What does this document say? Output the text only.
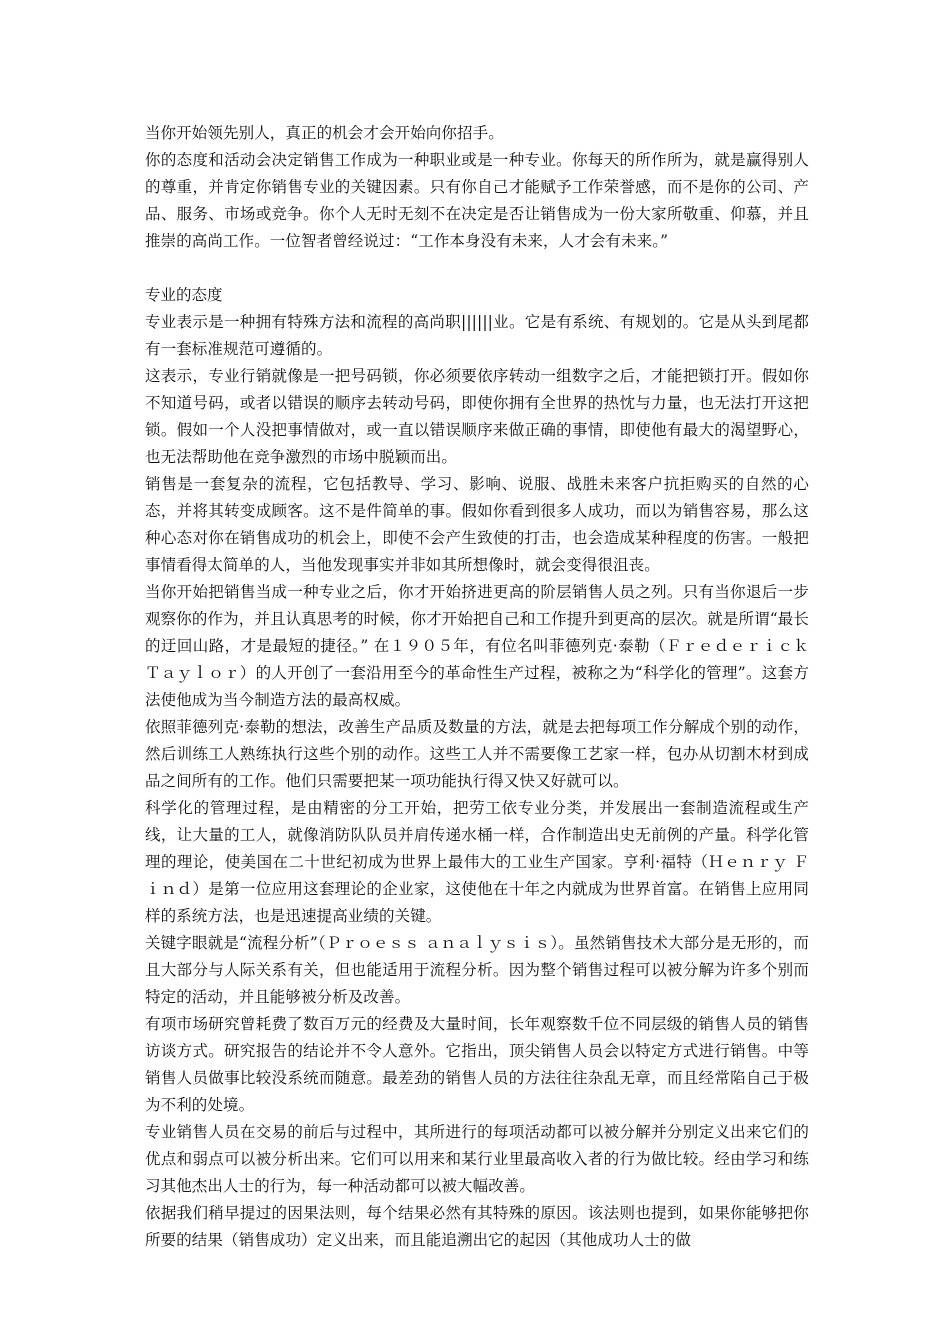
当你开始领先别人，真正的机会才会开始向你招手。

你的态度和活动会决定销售工作成为一种职业或是一种专业。你每天的所作所为，就是赢得别人的尊重，并肯定你销售专业的关键因素。只有你自己才能赋予工作荣誉感，而不是你的公司、产品、服务、市场或竞争。你个人无时无刻不在决定是否让销售成为一份大家所敬重、仰慕，并且推崇的高尚工作。一位智者曾经说过：“工作本身没有未来，人才会有未来。”

专业的态度

专业表示是一种拥有特殊方法和流程的高尚职||||||业。它是有系统、有规划的。它是从头到尾都有一套标准规范可遵循的。

这表示，专业行销就像是一把号码锁，你必须要依序转动一组数字之后，才能把锁打开。假如你不知道号码，或者以错误的顺序去转动号码，即使你拥有全世界的热忱与力量，也无法打开这把锁。假如一个人没把事情做对，或一直以错误顺序来做正确的事情，即使他有最大的渴望野心，也无法帮助他在竞争激烈的市场中脱颖而出。

销售是一套复杂的流程，它包括教导、学习、影响、说服、战胜未来客户抗拒购买的自然的心态，并将其转变成顾客。这不是件简单的事。假如你看到很多人成功，而以为销售容易，那么这种心态对你在销售成功的机会上，即使不会产生致使的打击，也会造成某种程度的伤害。一般把事情看得太简单的人，当他发现事实并非如其所想像时，就会变得很沮丧。

当你开始把销售当成一种专业之后，你才开始挤进更高的阶层销售人员之列。只有当你退后一步观察你的作为，并且认真思考的时候，你才开始把自己和工作提升到更高的层次。就是所谓“最长的迂回山路，才是最短的捷径。” 在１９０５年，有位名叫菲德列克·泰勒（Ｆｒｅｄｅｒｉｃｋ Ｔａｙｌｏｒ）的人开创了一套沿用至今的革命性生产过程，被称之为“科学化的管理”。这套方法使他成为当今制造方法的最高权威。

依照菲德列克·泰勒的想法，改善生产品质及数量的方法，就是去把每项工作分解成个别的动作，然后训练工人熟练执行这些个别的动作。这些工人并不需要像工艺家一样，包办从切割木材到成品之间所有的工作。他们只需要把某一项功能执行得又快又好就可以。

科学化的管理过程，是由精密的分工开始，把劳工依专业分类，并发展出一套制造流程或生产线，让大量的工人，就像消防队队员并肩传递水桶一样，合作制造出史无前例的产量。科学化管理的理论，使美国在二十世纪初成为世界上最伟大的工业生产国家。亨利·福特（Ｈｅｎｒｙ Ｆｉｎｄ）是第一位应用这套理论的企业家，这使他在十年之内就成为世界首富。在销售上应用同样的系统方法，也是迅速提高业绩的关键。

关键字眼就是“流程分析”（Ｐｒｏｅｓｓ ａｎａｌｙｓｉｓ）。虽然销售技术大部分是无形的，而且大部分与人际关系有关，但也能适用于流程分析。因为整个销售过程可以被分解为许多个别而特定的活动，并且能够被分析及改善。

有项市场研究曾耗费了数百万元的经费及大量时间，长年观察数千位不同层级的销售人员的销售访谈方式。研究报告的结论并不令人意外。它指出，顶尖销售人员会以特定方式进行销售。中等销售人员做事比较没系统而随意。最差劲的销售人员的方法往往杂乱无章，而且经常陷自己于极为不利的处境。

专业销售人员在交易的前后与过程中，其所进行的每项活动都可以被分解并分别定义出来它们的优点和弱点可以被分析出来。它们可以用来和某行业里最高收入者的行为做比较。经由学习和练习其他杰出人士的行为，每一种活动都可以被大幅改善。

依据我们稍早提过的因果法则，每个结果必然有其特殊的原因。该法则也提到，如果你能够把你所要的结果（销售成功）定义出来，而且能追溯出它的起因（其他成功人士的做
